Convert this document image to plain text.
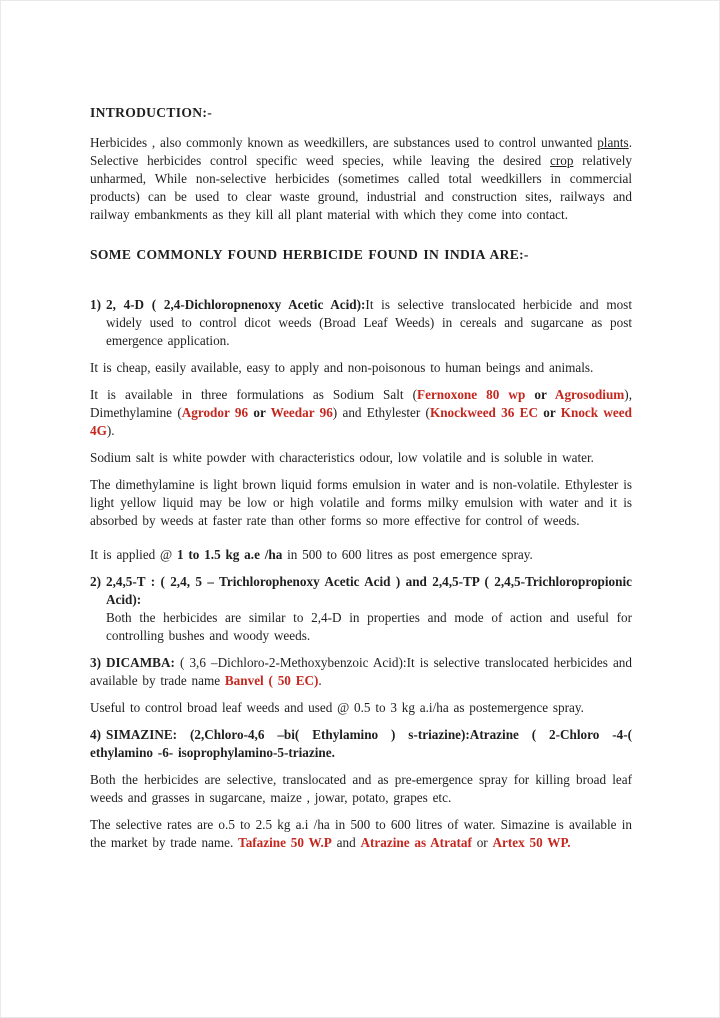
INTRODUCTION:-
Herbicides , also commonly known as weedkillers, are substances used to control unwanted plants. Selective herbicides control specific weed species, while leaving the desired crop relatively unharmed, While non-selective herbicides (sometimes called total weedkillers in commercial products) can be used to clear waste ground, industrial and construction sites, railways and railway embankments as they kill all plant material with which they come into contact.
SOME COMMONLY FOUND HERBICIDE FOUND IN INDIA ARE:-
1) 2, 4-D ( 2,4-Dichloropnenoxy Acetic Acid):It is selective translocated herbicide and most widely used to control dicot weeds (Broad Leaf Weeds) in cereals and sugarcane as post emergence application.
It is cheap, easily available, easy to apply and non-poisonous to human beings and animals.
It is available in three formulations as Sodium Salt (Fernoxone 80 wp or Agrosodium), Dimethylamine (Agrodor 96 or Weedar 96) and Ethylester (Knockweed 36 EC or Knock weed 4G).
Sodium salt is white powder with characteristics odour, low volatile and is soluble in water.
The dimethylamine is light brown liquid forms emulsion in water and is non-volatile. Ethylester is light yellow liquid may be low or high volatile and forms milky emulsion with water and it is absorbed by weeds at faster rate than other forms so more effective for control of weeds.
It is applied @ 1 to 1.5 kg a.e /ha in 500 to 600 litres as post emergence spray.
2) 2,4,5-T : ( 2,4, 5 – Trichlorophenoxy Acetic Acid ) and 2,4,5-TP ( 2,4,5-Trichloropropionic Acid):
Both the herbicides are similar to 2,4-D in properties and mode of action and useful for controlling bushes and woody weeds.
3) DICAMBA: ( 3,6 –Dichloro-2-Methoxybenzoic Acid):It is selective translocated herbicides and available by trade name Banvel ( 50 EC).
Useful to control broad leaf weeds and used @ 0.5 to 3 kg a.i/ha as postemergence spray.
4) SIMAZINE: (2,Chloro-4,6 –bi( Ethylamino ) s-triazine):Atrazine ( 2-Chloro -4-( ethylamino -6- isoprophylamino-5-triazine.
Both the herbicides are selective, translocated and as pre-emergence spray for killing broad leaf weeds and grasses in sugarcane, maize , jowar, potato, grapes etc.
The selective rates are o.5 to 2.5 kg a.i /ha in 500 to 600 litres of water. Simazine is available in the market by trade name. Tafazine 50 W.P and Atrazine as Atrataf or Artex 50 WP.
